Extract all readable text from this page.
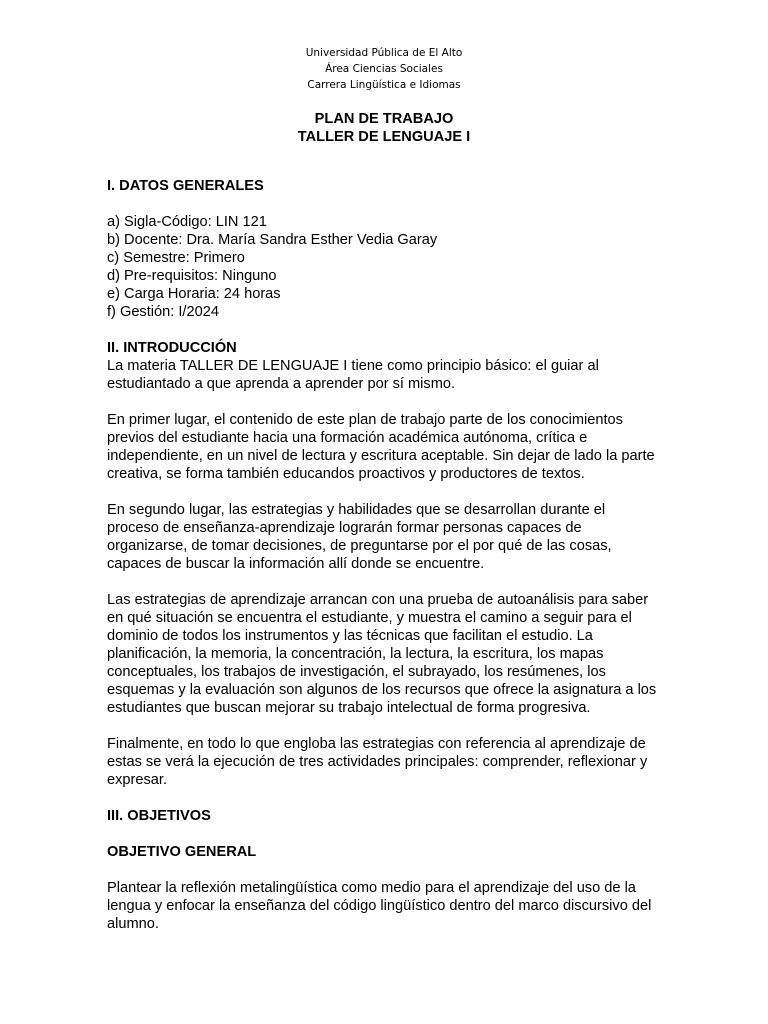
Universidad Pública de El Alto
Área Ciencias Sociales
Carrera Lingüística e Idiomas
PLAN DE TRABAJO
TALLER DE LENGUAJE I
I. DATOS GENERALES
a) Sigla-Código: LIN 121
b) Docente: Dra. María Sandra Esther Vedia Garay
c) Semestre: Primero
d) Pre-requisitos: Ninguno
e) Carga Horaria: 24 horas
f) Gestión: I/2024
II. INTRODUCCIÓN
La materia TALLER DE LENGUAJE I tiene como principio básico: el guiar al
estudiantado a que aprenda a aprender por sí mismo.
En primer lugar, el contenido de este plan de trabajo parte de los conocimientos
previos del estudiante hacia una formación académica autónoma, crítica e
independiente, en un nivel de lectura y escritura aceptable. Sin dejar de lado la parte
creativa, se forma también educandos proactivos y productores de textos.
En segundo lugar, las estrategias y habilidades que se desarrollan durante el
proceso de enseñanza-aprendizaje lograrán formar personas capaces de
organizarse, de tomar decisiones, de preguntarse por el por qué de las cosas,
capaces de buscar la información allí donde se encuentre.
Las estrategias de aprendizaje arrancan con una prueba de autoanálisis para saber
en qué situación se encuentra el estudiante, y muestra el camino a seguir para el
dominio de todos los instrumentos y las técnicas que facilitan el estudio. La
planificación, la memoria, la concentración, la lectura, la escritura, los mapas
conceptuales, los trabajos de investigación, el subrayado, los resúmenes, los
esquemas y la evaluación son algunos de los recursos que ofrece la asignatura a los
estudiantes que buscan mejorar su trabajo intelectual de forma progresiva.
Finalmente, en todo lo que engloba las estrategias con referencia al aprendizaje de
estas se verá la ejecución de tres actividades principales: comprender, reflexionar y
expresar.
III. OBJETIVOS
OBJETIVO GENERAL
Plantear la reflexión metalingüística como medio para el aprendizaje del uso de la
lengua y enfocar la enseñanza del código lingüístico dentro del marco discursivo del
alumno.
